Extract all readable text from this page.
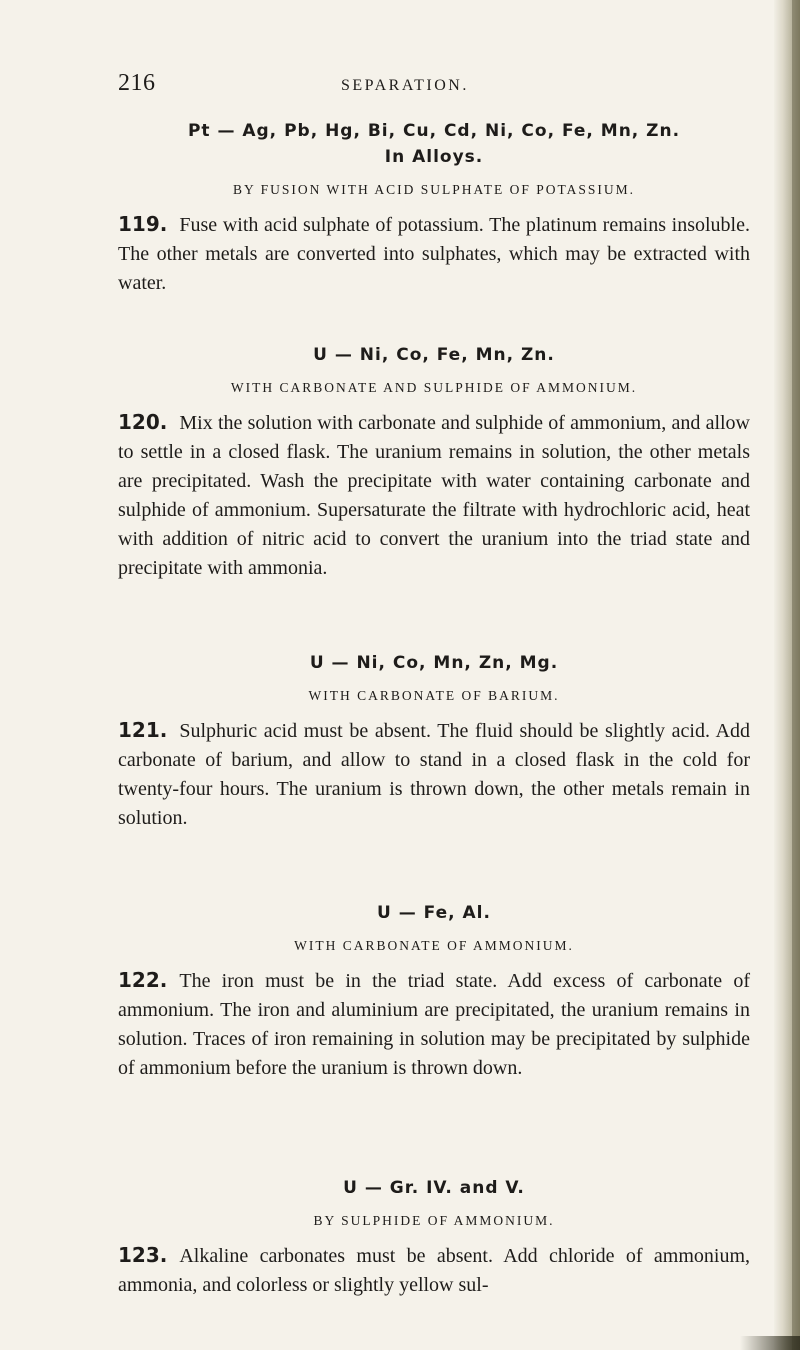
216	SEPARATION.
Pt — Ag, Pb, Hg, Bi, Cu, Cd, Ni, Co, Fe, Mn, Zn.
In Alloys.
BY FUSION WITH ACID SULPHATE OF POTASSIUM.
119. Fuse with acid sulphate of potassium. The platinum remains insoluble. The other metals are converted into sulphates, which may be extracted with water.
U — Ni, Co, Fe, Mn, Zn.
WITH CARBONATE AND SULPHIDE OF AMMONIUM.
120. Mix the solution with carbonate and sulphide of ammonium, and allow to settle in a closed flask. The uranium remains in solution, the other metals are precipitated. Wash the precipitate with water containing carbonate and sulphide of ammonium. Supersaturate the filtrate with hydrochloric acid, heat with addition of nitric acid to convert the uranium into the triad state and precipitate with ammonia.
U — Ni, Co, Mn, Zn, Mg.
WITH CARBONATE OF BARIUM.
121. Sulphuric acid must be absent. The fluid should be slightly acid. Add carbonate of barium, and allow to stand in a closed flask in the cold for twenty-four hours. The uranium is thrown down, the other metals remain in solution.
U — Fe, Al.
WITH CARBONATE OF AMMONIUM.
122. The iron must be in the triad state. Add excess of carbonate of ammonium. The iron and aluminium are precipitated, the uranium remains in solution. Traces of iron remaining in solution may be precipitated by sulphide of ammonium before the uranium is thrown down.
U — Gr. IV. and V.
BY SULPHIDE OF AMMONIUM.
123. Alkaline carbonates must be absent. Add chloride of ammonium, ammonia, and colorless or slightly yellow sul-
